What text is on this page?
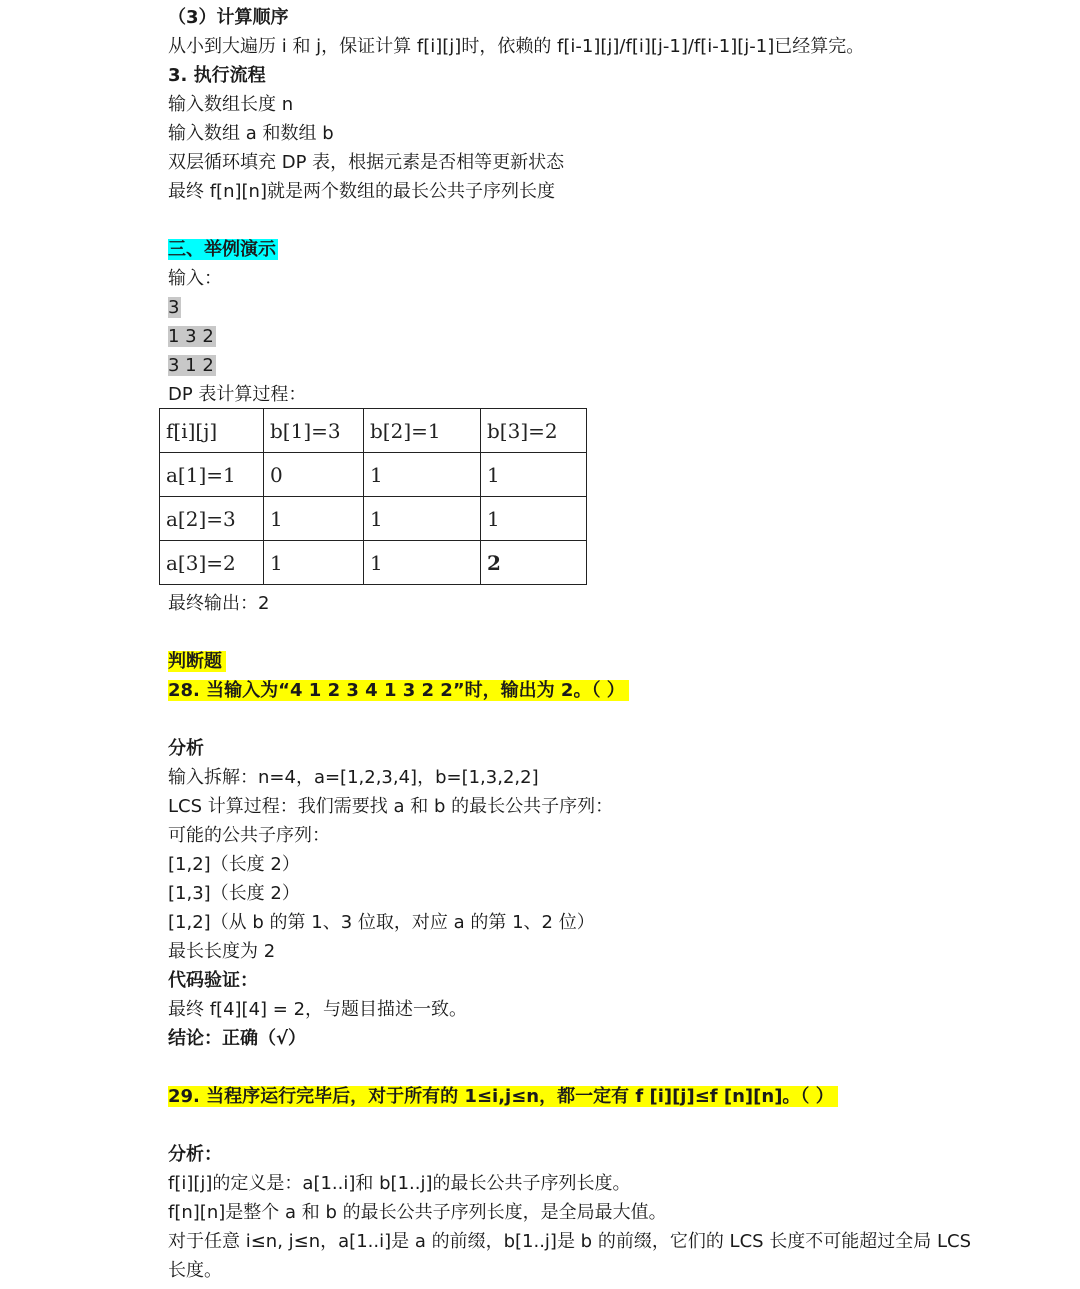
（3）计算顺序
从小到大遍历 i 和 j，保证计算 f[i][j]时，依赖的 f[i-1][j]/f[i][j-1]/f[i-1][j-1]已经算完。
3. 执行流程
输入数组长度 n
输入数组 a 和数组 b
双层循环填充 DP 表，根据元素是否相等更新状态
最终 f[n][n]就是两个数组的最长公共子序列长度
三、举例演示
输入：
3
1 3 2
3 1 2
DP 表计算过程：
f[i][j]	b[1]=3	b[2]=1	b[3]=2
a[1]=1	0	1	1
a[2]=3	1	1	1
a[3]=2	1	1	2
最终输出：2
判断题
28. 当输入为“4 1 2 3 4 1 3 2 2”时，输出为 2。（ ）
分析
输入拆解：n=4，a=[1,2,3,4]，b=[1,3,2,2]
LCS 计算过程：我们需要找 a 和 b 的最长公共子序列：
可能的公共子序列：
[1,2]（长度 2）
[1,3]（长度 2）
[1,2]（从 b 的第 1、3 位取，对应 a 的第 1、2 位）
最长长度为 2
代码验证：
最终 f[4][4] = 2，与题目描述一致。
结论：正确（√）
29. 当程序运行完毕后，对于所有的 1≤i,j≤n，都一定有 f [i][j]≤f [n][n]。（ ）
分析：
f[i][j]的定义是：a[1..i]和 b[1..j]的最长公共子序列长度。
f[n][n]是整个 a 和 b 的最长公共子序列长度，是全局最大值。
对于任意 i≤n, j≤n，a[1..i]是 a 的前缀，b[1..j]是 b 的前缀，它们的 LCS 长度不可能超过全局 LCS
长度。
